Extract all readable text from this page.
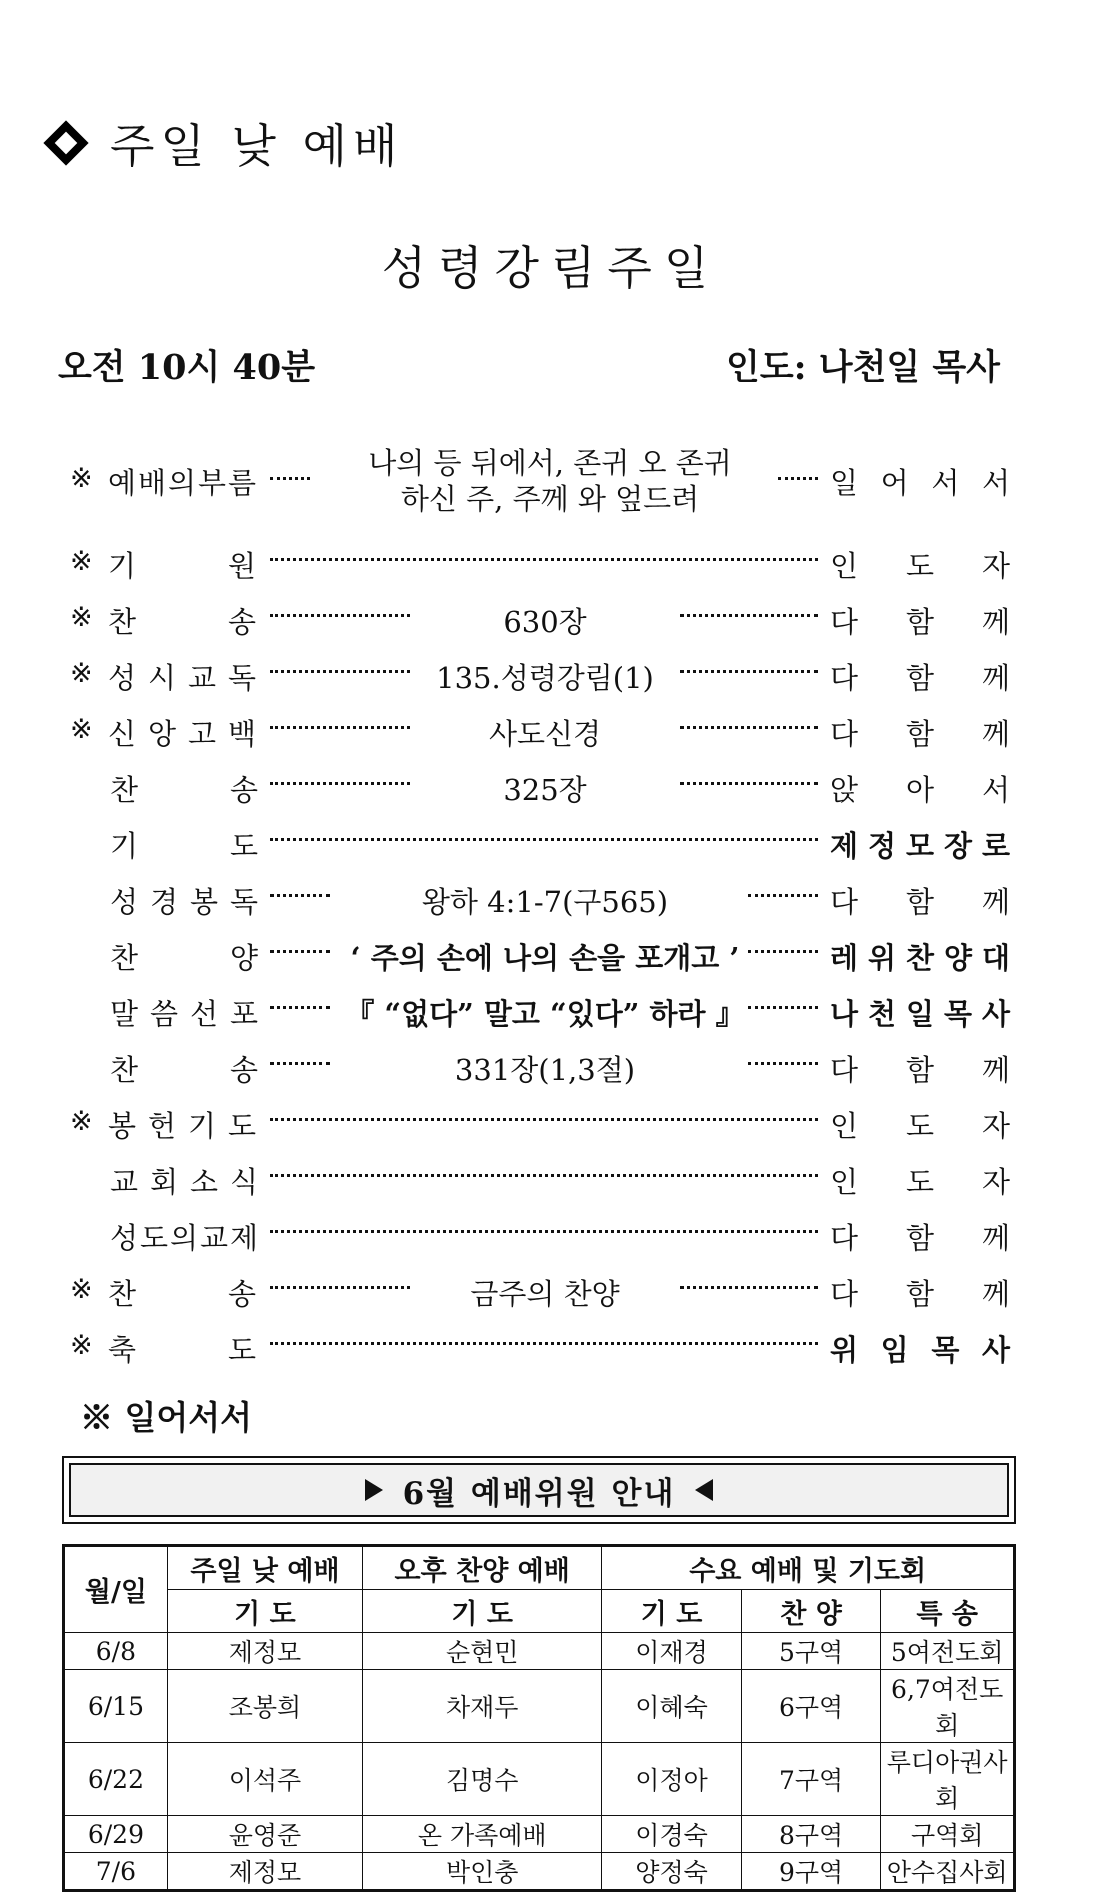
주일 낮 예배
성령강림주일
오전 10시 40분	인도: 나천일 목사
※ 예 배 의 부 름
나의 등 뒤에서, 존귀 오 존귀
하신 주, 주께 와 엎드려	일 어 서 서
※ 기	원	인 도 자
※ 찬	송	630장	다 함 께
※ 성 시 교 독	135.성령강림(1)	다 함 께
※ 신 앙 고 백	사도신경	다 함 께
찬	송	325장	앉 아 서
기	도	제 정 모 장 로
성 경 봉 독	왕하 4:1-7(구565)	다 함 께
찬	양	‘ 주의 손에 나의 손을 포개고 ’	레 위 찬 양 대
말 씀 선 포	『 “없다” 말고 “있다” 하라 』	나 천 일 목 사
찬	송	331장(1,3절)	다 함 께
※ 봉 헌 기 도	인 도 자
교 회 소 식	인 도 자
성 도 의 교 제	다 함 께
※ 찬	송	금주의 찬양	다 함 께
※ 축	도	위 임 목 사
※ 일어서서
6월 예배위원 안내
월/일	주일 낮 예배	오후 찬양 예배	수요 예배 및 기도회		
	기 도	기 도	기 도	찬 양	특 송
6/8	제정모	순현민	이재경	5구역	5여전도회
6/15	조봉희	차재두	이혜숙	6구역	6,7여전도회
6/22	이석주	김명수	이정아	7구역	루디아권사회
6/29	윤영준	온 가족예배	이경숙	8구역	구역회
7/6	제정모	박인충	양정숙	9구역	안수집사회
